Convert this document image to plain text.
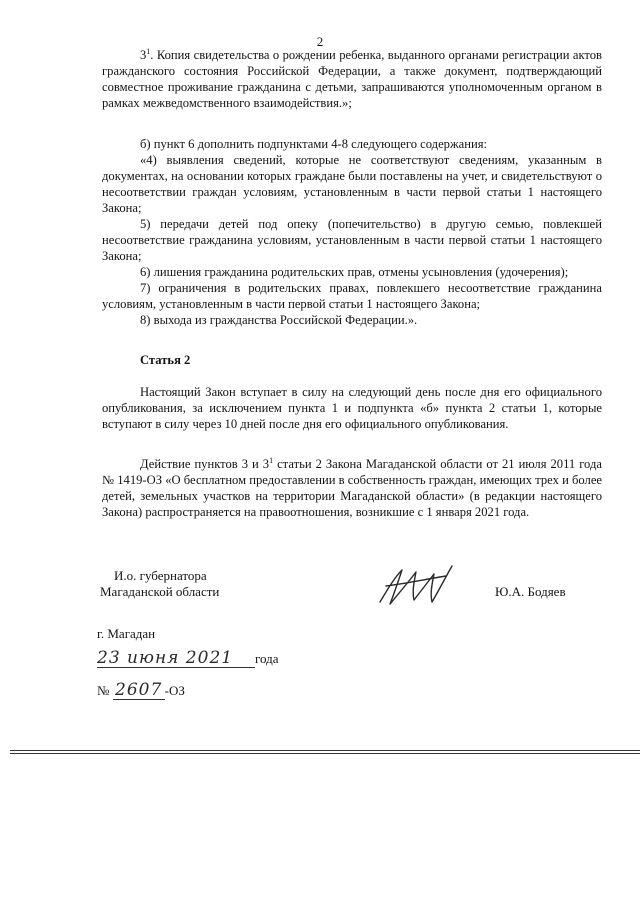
2

$3^1$. Копия свидетельства о рождении ребенка, выданного органами регистрации актов гражданского состояния Российской Федерации, а также документ, подтверждающий совместное проживание гражданина с детьми, запрашиваются уполномоченным органом в рамках межведомственного взаимодействия.»;

б) пункт 6 дополнить подпунктами 4-8 следующего содержания:

«4) выявления сведений, которые не соответствуют сведениям, указанным в документах, на основании которых граждане были поставлены на учет, и свидетельствуют о несоответствии граждан условиям, установленным в части первой статьи 1 настоящего Закона;

5) передачи детей под опеку (попечительство) в другую семью, повлекшей несоответствие гражданина условиям, установленным в части первой статьи 1 настоящего Закона;

6) лишения гражданина родительских прав, отмены усыновления (удочерения);

7) ограничения в родительских правах, повлекшего несоответствие гражданина условиям, установленным в части первой статьи 1 настоящего Закона;

8) выхода из гражданства Российской Федерации.».

Статья 2

Настоящий Закон вступает в силу на следующий день после дня его официального опубликования, за исключением пункта 1 и подпункта «б» пункта 2 статьи 1, которые вступают в силу через 10 дней после дня его официального опубликования.

Действие пунктов 3 и $3^1$ статьи 2 Закона Магаданской области от 21 июля 2011 года № 1419-ОЗ «О бесплатном предоставлении в собственность граждан, имеющих трех и более детей, земельных участков на территории Магаданской области» (в редакции настоящего Закона) распространяется на правоотношения, возникшие с 1 января 2021 года.

И.о. губернатора
Магаданской области	Ю.А. Бодяев
г. Магадан
23 июня 2021 года
№ 2607 -ОЗ
